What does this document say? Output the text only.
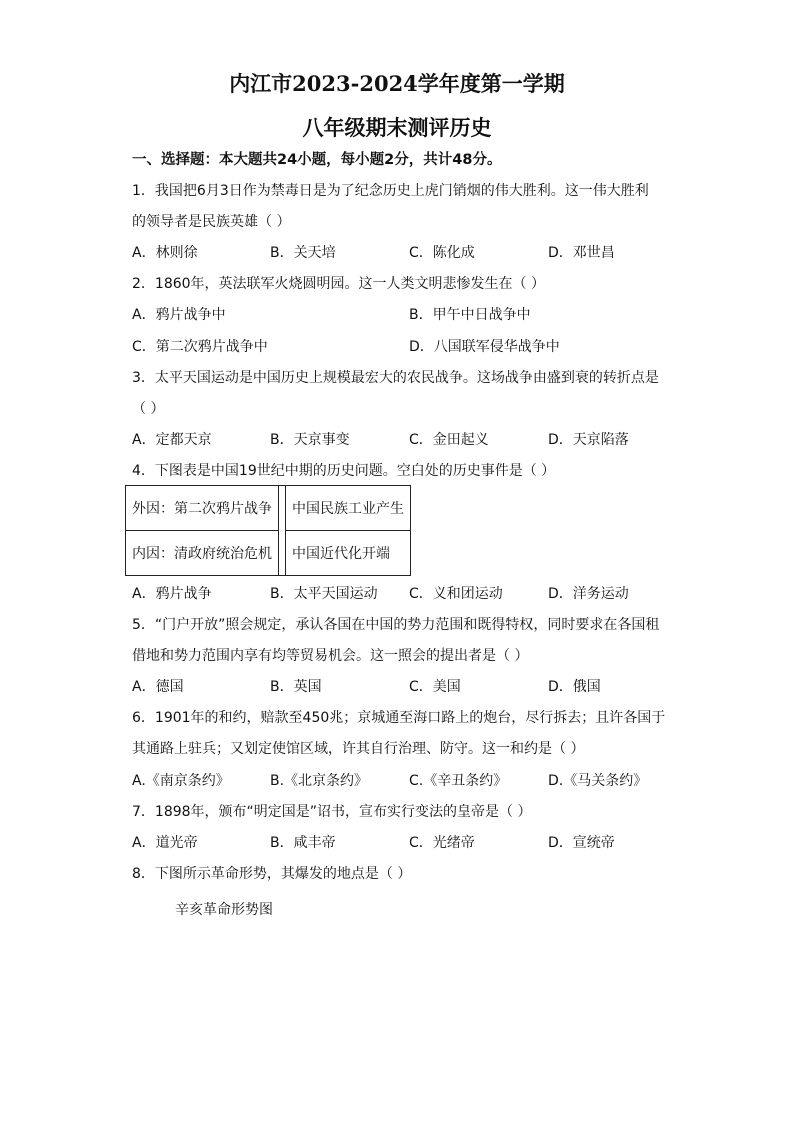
内江市2023-2024学年度第一学期
八年级期末测评历史
一、选择题：本大题共24小题，每小题2分，共计48分。
1．我国把6月3日作为禁毒日是为了纪念历史上虎门销烟的伟大胜利。这一伟大胜利
的领导者是民族英雄（ ）
A．林则徐	B．关天培	C．陈化成	D．邓世昌
2．1860年，英法联军火烧圆明园。这一人类文明悲惨发生在（ ）
A．鸦片战争中	B．甲午中日战争中
C．第二次鸦片战争中	D．八国联军侵华战争中
3．太平天国运动是中国历史上规模最宏大的农民战争。这场战争由盛到衰的转折点是
（ ）
A．定都天京	B．天京事变	C．金田起义	D．天京陷落
4．下图表是中国19世纪中期的历史问题。空白处的历史事件是（ ）
外因：第二次鸦片战争		中国民族工业产生
内因：清政府统治危机		中国近代化开端
A．鸦片战争	B．太平天国运动 C．义和团运动	D．洋务运动
5．“门户开放”照会规定，承认各国在中国的势力范围和既得特权，同时要求在各国租
借地和势力范围内享有均等贸易机会。这一照会的提出者是（ ）
A．德国	B．英国	C．美国	D．俄国
6．1901年的和约，赔款至450兆；京城通至海口路上的炮台，尽行拆去；且许各国于
其通路上驻兵；又划定使馆区域，许其自行治理、防守。这一和约是（ ）
A.《南京条约》	B.《北京条约》	C.《辛丑条约》	D.《马关条约》
7．1898年，颁布“明定国是”诏书，宣布实行变法的皇帝是（ ）
A．道光帝	B．咸丰帝	C．光绪帝	D．宣统帝
8．下图所示革命形势，其爆发的地点是（ ）
辛亥革命形势图
